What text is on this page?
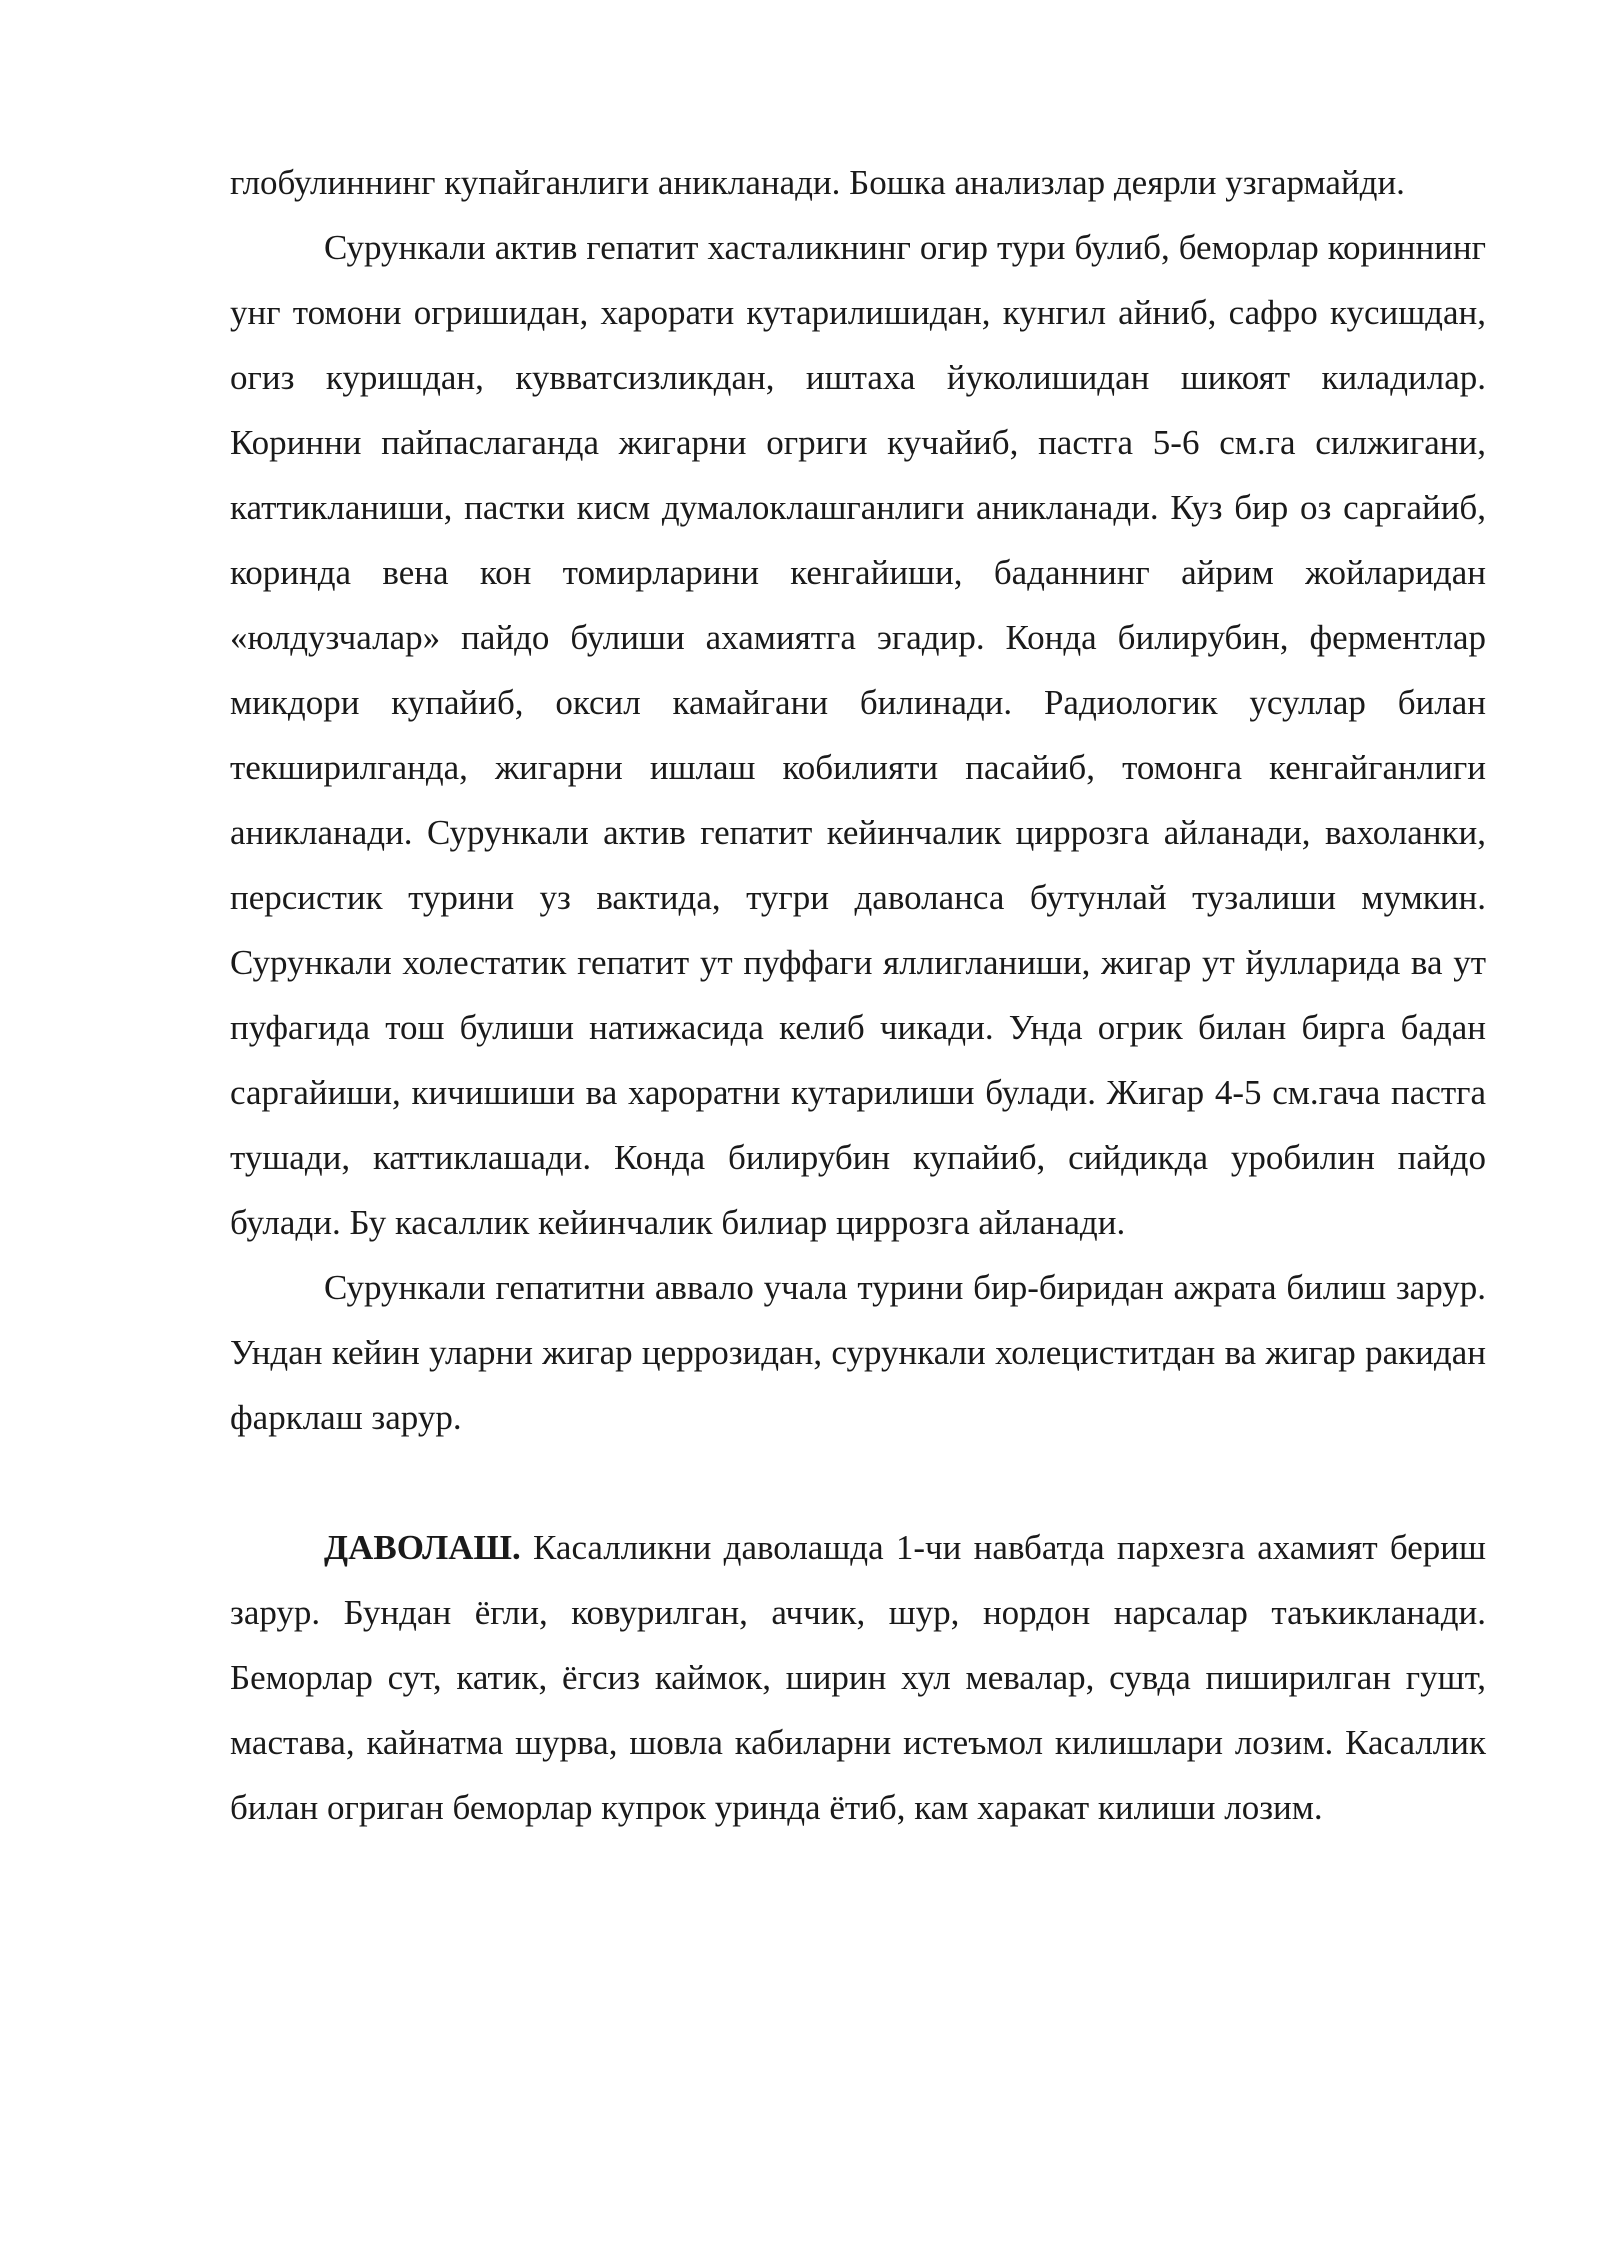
глобулиннинг купайганлиги аникланади. Бошка анализлар деярли узгармайди.

Сурункали актив гепатит хасталикнинг огир тури булиб, беморлар кориннинг унг томони огришидан, харорати кутарилишидан, кунгил айниб, сафро кусишдан, огиз куришдан, кувватсизликдан, иштаха йуколишидан шикоят киладилар. Коринни пайпаслаганда жигарни огриги кучайиб, пастга 5-6 см.га силжигани, каттикланиши, пастки кисм думалоклашганлиги аникланади. Куз бир оз саргайиб, коринда вена кон томирларини кенгайиши, баданнинг айрим жойларидан «юлдузчалар» пайдо булиши ахамиятга эгадир. Конда билирубин, ферментлар микдори купайиб, оксил камайгани билинади. Радиологик усуллар билан текширилганда, жигарни ишлаш кобилияти пасайиб, томонга кенгайганлиги аникланади. Сурункали актив гепатит кейинчалик циррозга айланади, вахоланки, персистик турини уз вактида, тугри даволанса бутунлай тузалиши мумкин. Сурункали холестатик гепатит ут пуффаги яллигланиши, жигар ут йулларида ва ут пуфагида тош булиши натижасида келиб чикади. Унда огрик билан бирга бадан саргайиши, кичишиши ва хароратни кутарилиши булади. Жигар 4-5 см.гача пастга тушади, каттиклашади. Конда билирубин купайиб, сийдикда уробилин пайдо булади. Бу касаллик кейинчалик билиар циррозга айланади.

Сурункали гепатитни аввало учала турини бир-биридан ажрата билиш зарур. Ундан кейин уларни жигар церрозидан, сурункали холециститдан ва жигар ракидан фарклаш зарур.

ДАВОЛАШ. Касалликни даволашда 1-чи навбатда пархезга ахамият бериш зарур. Бундан ёгли, ковурилган, аччик, шур, нордон нарсалар таъкикланади. Беморлар сут, катик, ёгсиз каймок, ширин хул мевалар, сувда пиширилган гушт, мастава, кайнатма шурва, шовла кабиларни истеъмол килишлари лозим. Касаллик билан огриган беморлар купрок уринда ётиб, кам харакат килиши лозим.
